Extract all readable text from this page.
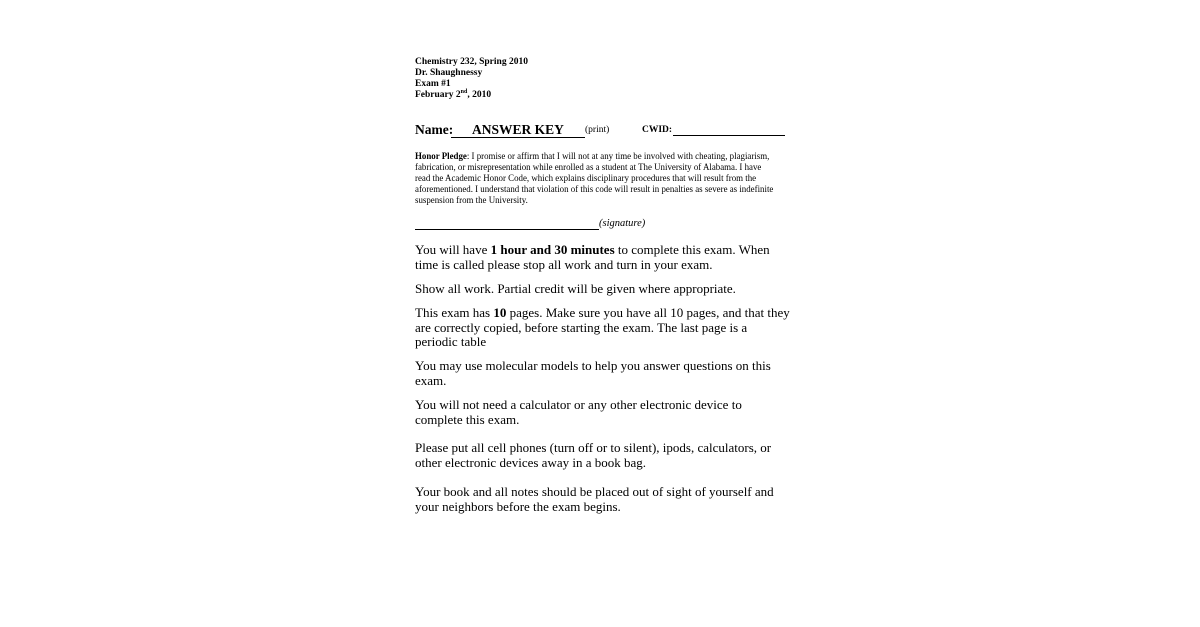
Chemistry 232, Spring 2010
Dr. Shaughnessy
Exam #1
February 2nd, 2010
Name:	ANSWER KEY	(print)	CWID:
Honor Pledge: I promise or affirm that I will not at any time be involved with cheating, plagiarism, fabrication, or misrepresentation while enrolled as a student at The University of Alabama. I have read the Academic Honor Code, which explains disciplinary procedures that will result from the aforementioned. I understand that violation of this code will result in penalties as severe as indefinite suspension from the University.
(signature)
You will have 1 hour and 30 minutes to complete this exam. When time is called please stop all work and turn in your exam.
Show all work. Partial credit will be given where appropriate.
This exam has 10 pages. Make sure you have all 10 pages, and that they are correctly copied, before starting the exam. The last page is a periodic table
You may use molecular models to help you answer questions on this exam.
You will not need a calculator or any other electronic device to complete this exam.
Please put all cell phones (turn off or to silent), ipods, calculators, or other electronic devices away in a book bag.
Your book and all notes should be placed out of sight of yourself and your neighbors before the exam begins.
